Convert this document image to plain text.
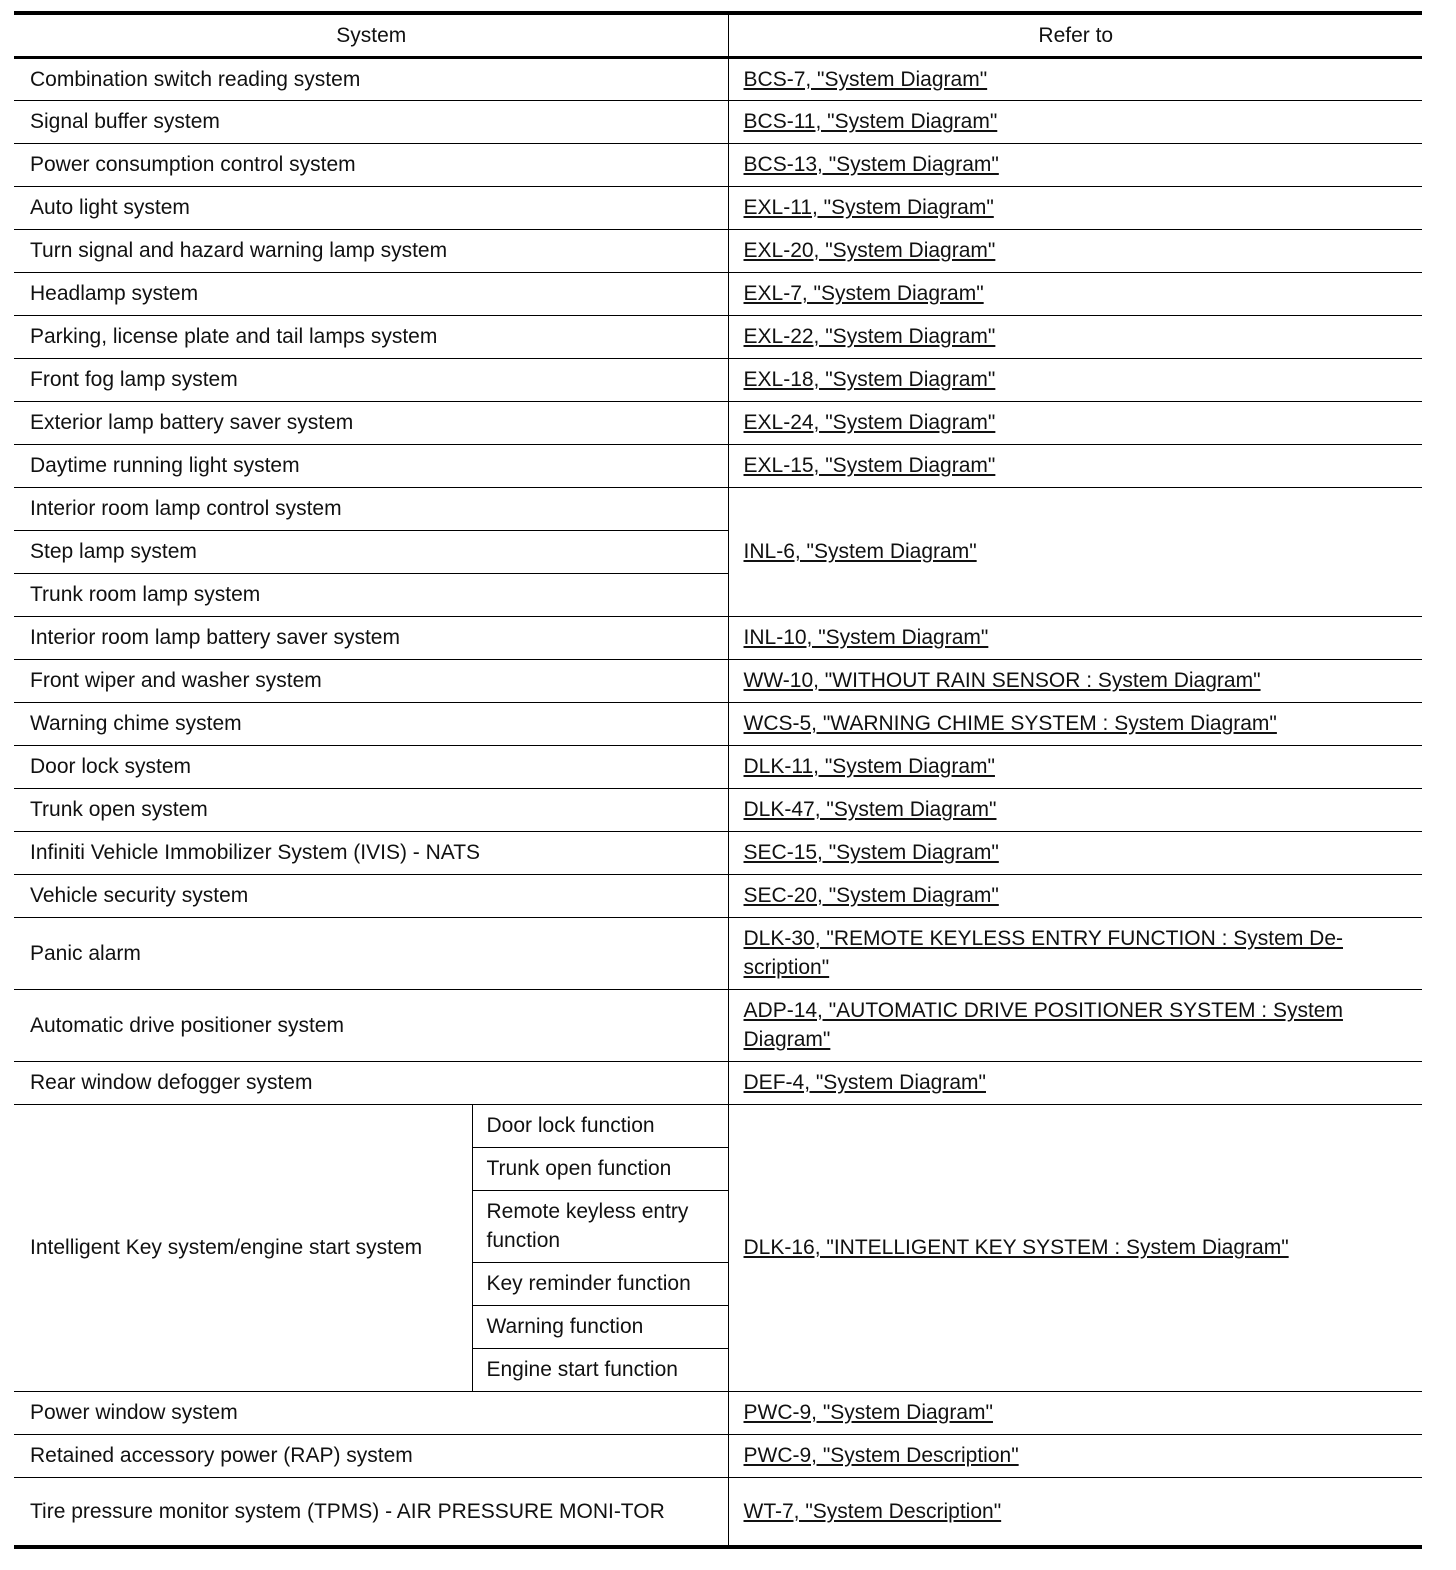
System		Refer to
Combination switch reading system		BCS-7, "System Diagram"
Signal buffer system		BCS-11, "System Diagram"
Power consumption control system		BCS-13, "System Diagram"
Auto light system		EXL-11, "System Diagram"
Turn signal and hazard warning lamp system		EXL-20, "System Diagram"
Headlamp system		EXL-7, "System Diagram"
Parking, license plate and tail lamps system		EXL-22, "System Diagram"
Front fog lamp system		EXL-18, "System Diagram"
Exterior lamp battery saver system		EXL-24, "System Diagram"
Daytime running light system		EXL-15, "System Diagram"
Interior room lamp control system		INL-6, "System Diagram"
Step lamp system		
Trunk room lamp system		
Interior room lamp battery saver system		INL-10, "System Diagram"
Front wiper and washer system		WW-10, "WITHOUT RAIN SENSOR : System Diagram"
Warning chime system		WCS-5, "WARNING CHIME SYSTEM : System Diagram"
Door lock system		DLK-11, "System Diagram"
Trunk open system		DLK-47, "System Diagram"
Infiniti Vehicle Immobilizer System (IVIS) - NATS		SEC-15, "System Diagram"
Vehicle security system		SEC-20, "System Diagram"
Panic alarm		DLK-30, "REMOTE KEYLESS ENTRY FUNCTION : System De-scription"
Automatic drive positioner system		ADP-14, "AUTOMATIC DRIVE POSITIONER SYSTEM : System Diagram"
Rear window defogger system		DEF-4, "System Diagram"
Intelligent Key system/engine start system	Door lock function	DLK-16, "INTELLIGENT KEY SYSTEM : System Diagram"
	Trunk open function	
	Remote keyless entry function	
	Key reminder function	
	Warning function	
	Engine start function	
Power window system		PWC-9, "System Diagram"
Retained accessory power (RAP) system		PWC-9, "System Description"
Tire pressure monitor system (TPMS) - AIR PRESSURE MONI-TOR		WT-7, "System Description"
